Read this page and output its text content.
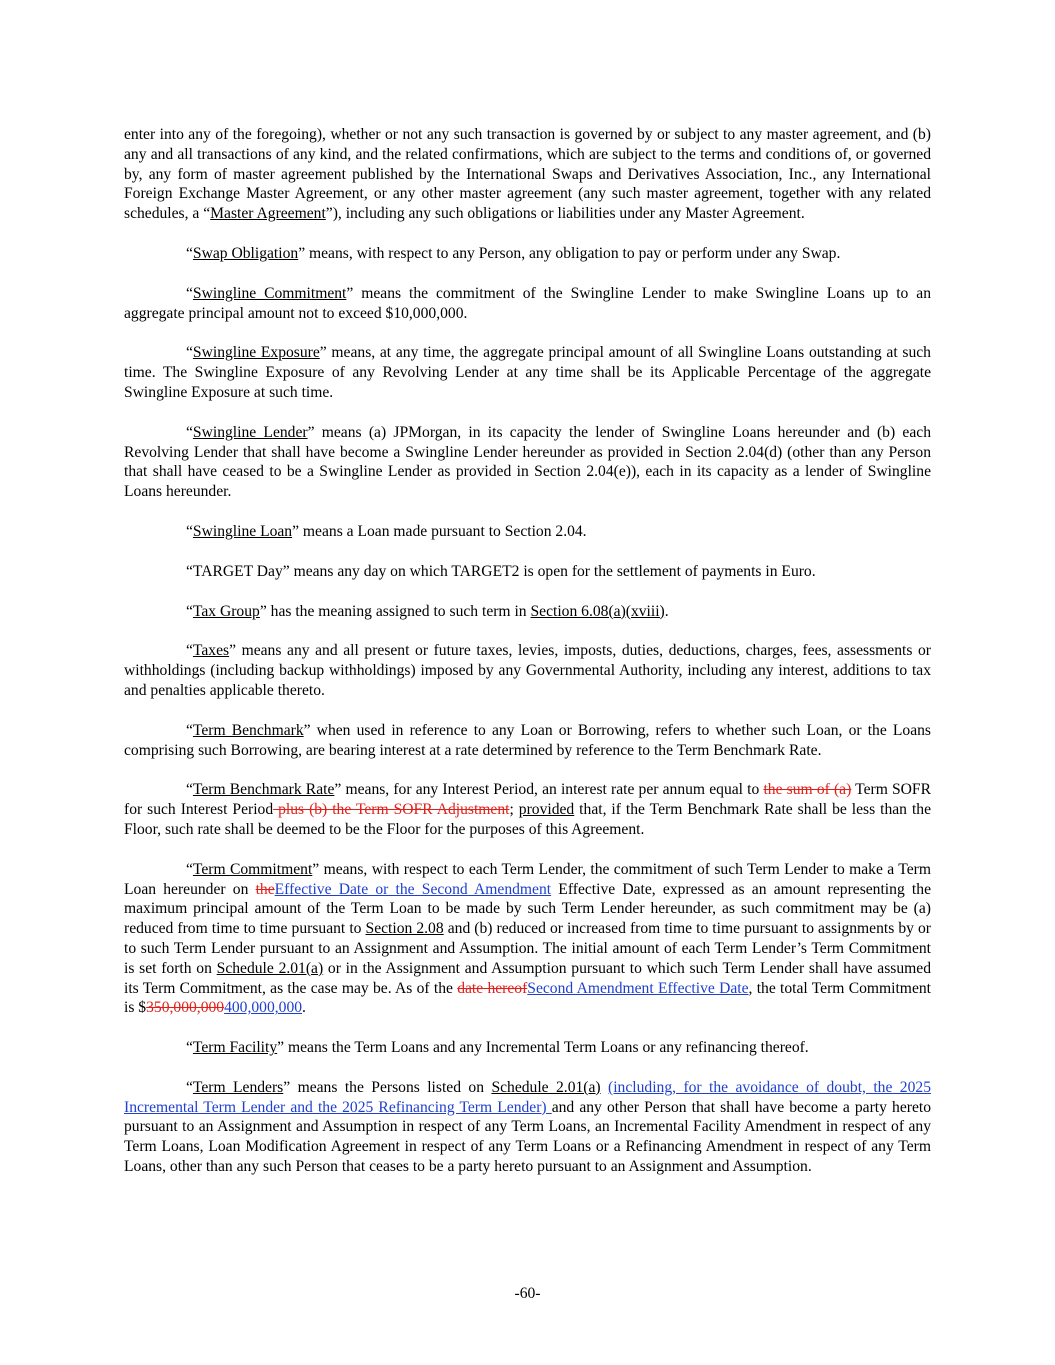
enter into any of the foregoing), whether or not any such transaction is governed by or subject to any master agreement, and (b) any and all transactions of any kind, and the related confirmations, which are subject to the terms and conditions of, or governed by, any form of master agreement published by the International Swaps and Derivatives Association, Inc., any International Foreign Exchange Master Agreement, or any other master agreement (any such master agreement, together with any related schedules, a “Master Agreement”), including any such obligations or liabilities under any Master Agreement.

“Swap Obligation” means, with respect to any Person, any obligation to pay or perform under any Swap.

“Swingline Commitment” means the commitment of the Swingline Lender to make Swingline Loans up to an aggregate principal amount not to exceed $10,000,000.

“Swingline Exposure” means, at any time, the aggregate principal amount of all Swingline Loans outstanding at such time. The Swingline Exposure of any Revolving Lender at any time shall be its Applicable Percentage of the aggregate Swingline Exposure at such time.

“Swingline Lender” means (a) JPMorgan, in its capacity the lender of Swingline Loans hereunder and (b) each Revolving Lender that shall have become a Swingline Lender hereunder as provided in Section 2.04(d) (other than any Person that shall have ceased to be a Swingline Lender as provided in Section 2.04(e)), each in its capacity as a lender of Swingline Loans hereunder.

“Swingline Loan” means a Loan made pursuant to Section 2.04.

“TARGET Day” means any day on which TARGET2 is open for the settlement of payments in Euro.

“Tax Group” has the meaning assigned to such term in Section 6.08(a)(xviii).

“Taxes” means any and all present or future taxes, levies, imposts, duties, deductions, charges, fees, assessments or withholdings (including backup withholdings) imposed by any Governmental Authority, including any interest, additions to tax and penalties applicable thereto.

“Term Benchmark” when used in reference to any Loan or Borrowing, refers to whether such Loan, or the Loans comprising such Borrowing, are bearing interest at a rate determined by reference to the Term Benchmark Rate.

“Term Benchmark Rate” means, for any Interest Period, an interest rate per annum equal to the sum of (a) Term SOFR for such Interest Period plus (b) the Term SOFR Adjustment; provided that, if the Term Benchmark Rate shall be less than the Floor, such rate shall be deemed to be the Floor for the purposes of this Agreement.

“Term Commitment” means, with respect to each Term Lender, the commitment of such Term Lender to make a Term Loan hereunder on theEffective Date or the Second Amendment Effective Date, expressed as an amount representing the maximum principal amount of the Term Loan to be made by such Term Lender hereunder, as such commitment may be (a) reduced from time to time pursuant to Section 2.08 and (b) reduced or increased from time to time pursuant to assignments by or to such Term Lender pursuant to an Assignment and Assumption. The initial amount of each Term Lender’s Term Commitment is set forth on Schedule 2.01(a) or in the Assignment and Assumption pursuant to which such Term Lender shall have assumed its Term Commitment, as the case may be. As of the date hereofSecond Amendment Effective Date, the total Term Commitment is $350,000,000400,000,000.

“Term Facility” means the Term Loans and any Incremental Term Loans or any refinancing thereof.

“Term Lenders” means the Persons listed on Schedule 2.01(a) (including, for the avoidance of doubt, the 2025 Incremental Term Lender and the 2025 Refinancing Term Lender) and any other Person that shall have become a party hereto pursuant to an Assignment and Assumption in respect of any Term Loans, an Incremental Facility Amendment in respect of any Term Loans, Loan Modification Agreement in respect of any Term Loans or a Refinancing Amendment in respect of any Term Loans, other than any such Person that ceases to be a party hereto pursuant to an Assignment and Assumption.

-60-
